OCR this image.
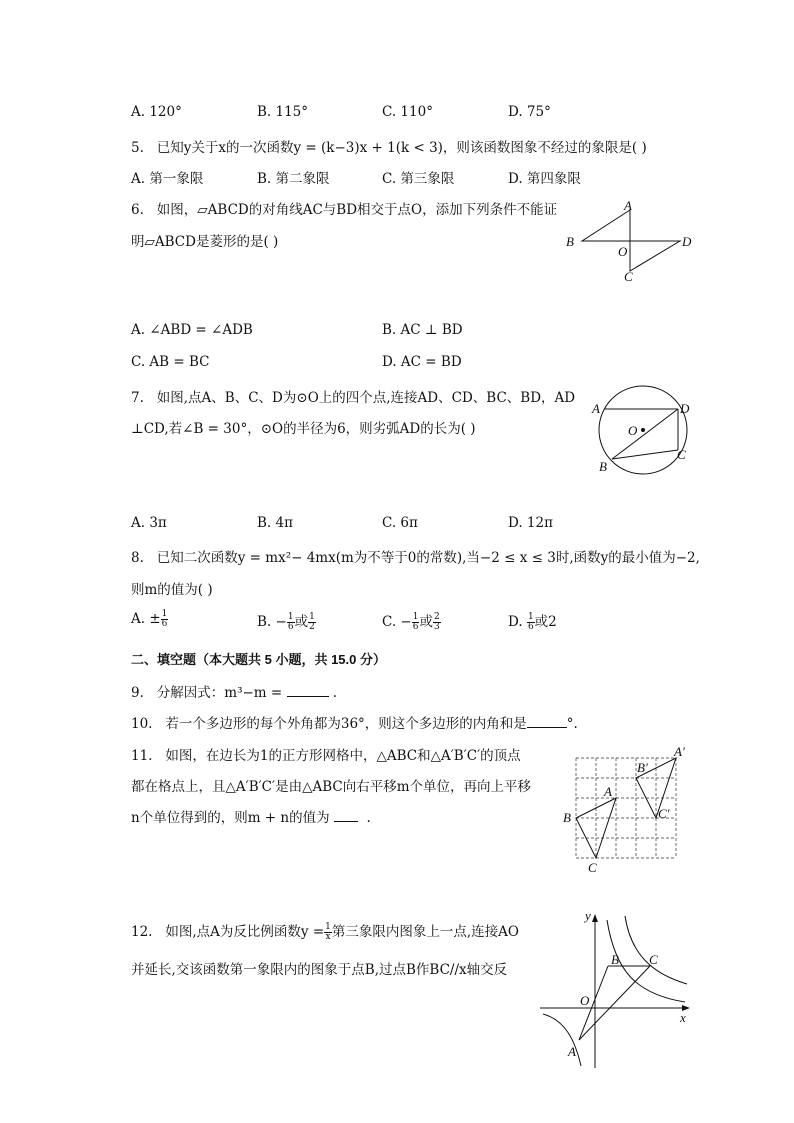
A. 120°	B. 115°	C. 110°	D. 75°
5. 已知y关于x的一次函数y = (k−3)x + 1(k < 3)，则该函数图象不经过的象限是( )
A. 第一象限	B. 第二象限	C. 第三象限	D. 第四象限
6. 如图，▱ABCD的对角线AC与BD相交于点O，添加下列条件不能证
明▱ABCD是菱形的是( )
A
B
C
D
O
A. ∠ABD = ∠ADB	B. AC ⊥ BD
C. AB = BC	D. AC = BD
7. 如图,点A、B、C、D为⊙O上的四个点,连接AD、CD、BC、BD，AD
⊥CD,若∠B = 30°，⊙O的半径为6，则劣弧AD的长为( )
A	D
C
B
O
A. 3π	B. 4π	C. 6π	D. 12π
8. 已知二次函数y = mx²− 4mx(m为不等于0的常数),当−2 ≤ x ≤ 3时,函数y的最小值为−2,
则m的值为( )
A. ± $\frac{1}{6}$	B. − $\frac{1}{6}$ 或 $\frac{1}{2}$	C. − $\frac{1}{6}$ 或 $\frac{2}{3}$	D. $\frac{1}{6}$ 或2
二、填空题（本大题共 5 小题，共 15.0 分）
9. 分解因式：m³−m =	.
10. 若一个多边形的每个外角都为36°，则这个多边形的内角和是	°.
11. 如图，在边长为1的正方形网格中，△ABC和△A′B′C′的顶点
都在格点上，且△A′B′C′是由△ABC向右平移m个单位，再向上平移
n个单位得到的，则m + n的值为	.
A
B
C
A′
B′
C′
12. 如图,点A为反比例函数$y = \frac{1}{x}$ 第三象限内图象上一点,连接AO
并延长,交该函数第一象限内的图象于点B,过点B作BC//x轴交反
y
x
O
A
B C
